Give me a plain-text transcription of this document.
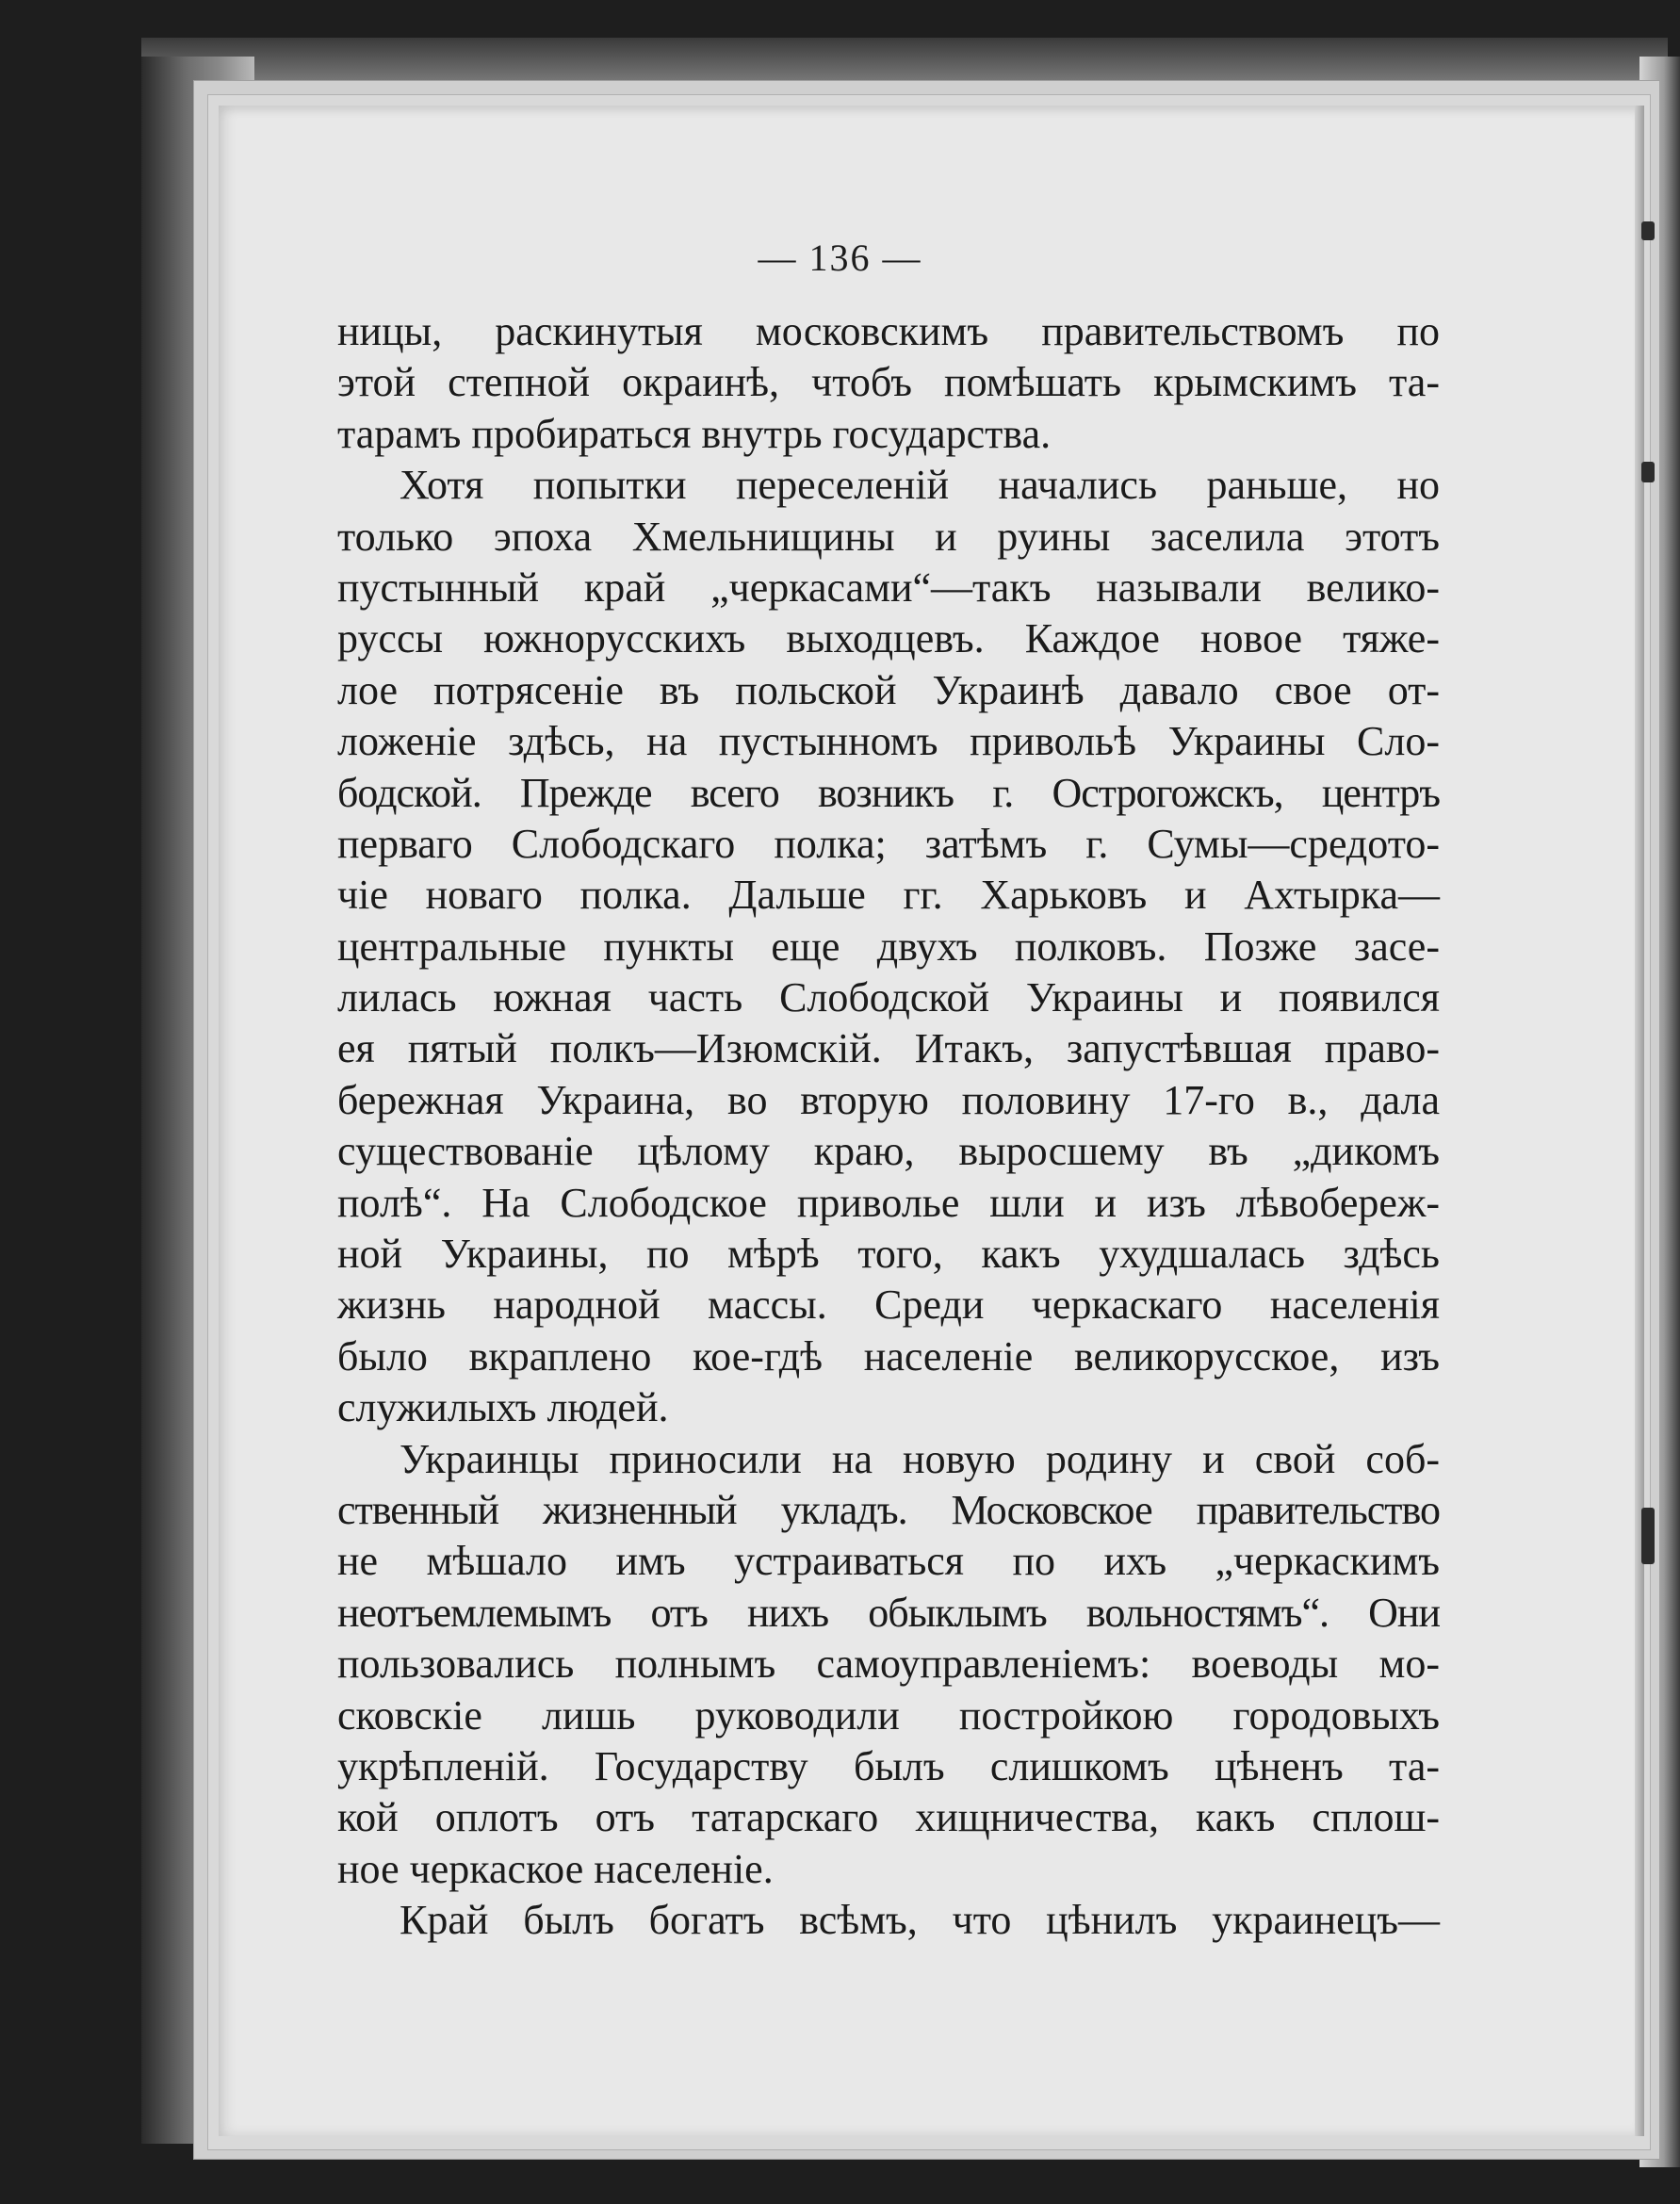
— 136 —
ницы, раскинутыя московскимъ правительствомъ по
этой степной окраинѣ, чтобъ помѣшать крымскимъ та-
тарамъ пробираться внутрь государства.
Хотя попытки переселенiй начались раньше, но
только эпоха Хмельнищины и руины заселила этотъ
пустынный край „черкасами“—такъ называли велико-
руссы южнорусскихъ выходцевъ. Каждое новое тяже-
лое потрясенiе въ польской Украинѣ давало свое от-
ложенiе здѣсь, на пустынномъ привольѣ Украины Сло-
бодской. Прежде всего возникъ г. Острогожскъ, центръ
перваго Слободскаго полка; затѣмъ г. Сумы—средото-
чiе новаго полка. Дальше гг. Харьковъ и Ахтырка—
центральные пункты еще двухъ полковъ. Позже засе-
лилась южная часть Слободской Украины и появился
ея пятый полкъ—Изюмскiй. Итакъ, запустѣвшая право-
бережная Украина, во вторую половину 17-го в., дала
существованiе цѣлому краю, выросшему въ „дикомъ
полѣ“. На Слободское приволье шли и изъ лѣвобереж-
ной Украины, по мѣрѣ того, какъ ухудшалась здѣсь
жизнь народной массы. Среди черкаскаго населенiя
было вкраплено кое-гдѣ населенiе великорусское, изъ
служилыхъ людей.
Украинцы приносили на новую родину и свой соб-
ственный жизненный укладъ. Московское правительство
не мѣшало имъ устраиваться по ихъ „черкаскимъ
неотъемлемымъ отъ нихъ обыклымъ вольностямъ“. Они
пользовались полнымъ самоуправленiемъ: воеводы мо-
сковскiе лишь руководили постройкою городовыхъ
укрѣпленiй. Государству былъ слишкомъ цѣненъ та-
кой оплотъ отъ татарскаго хищничества, какъ сплош-
ное черкаское населенiе.
Край былъ богатъ всѣмъ, что цѣнилъ украинецъ—
